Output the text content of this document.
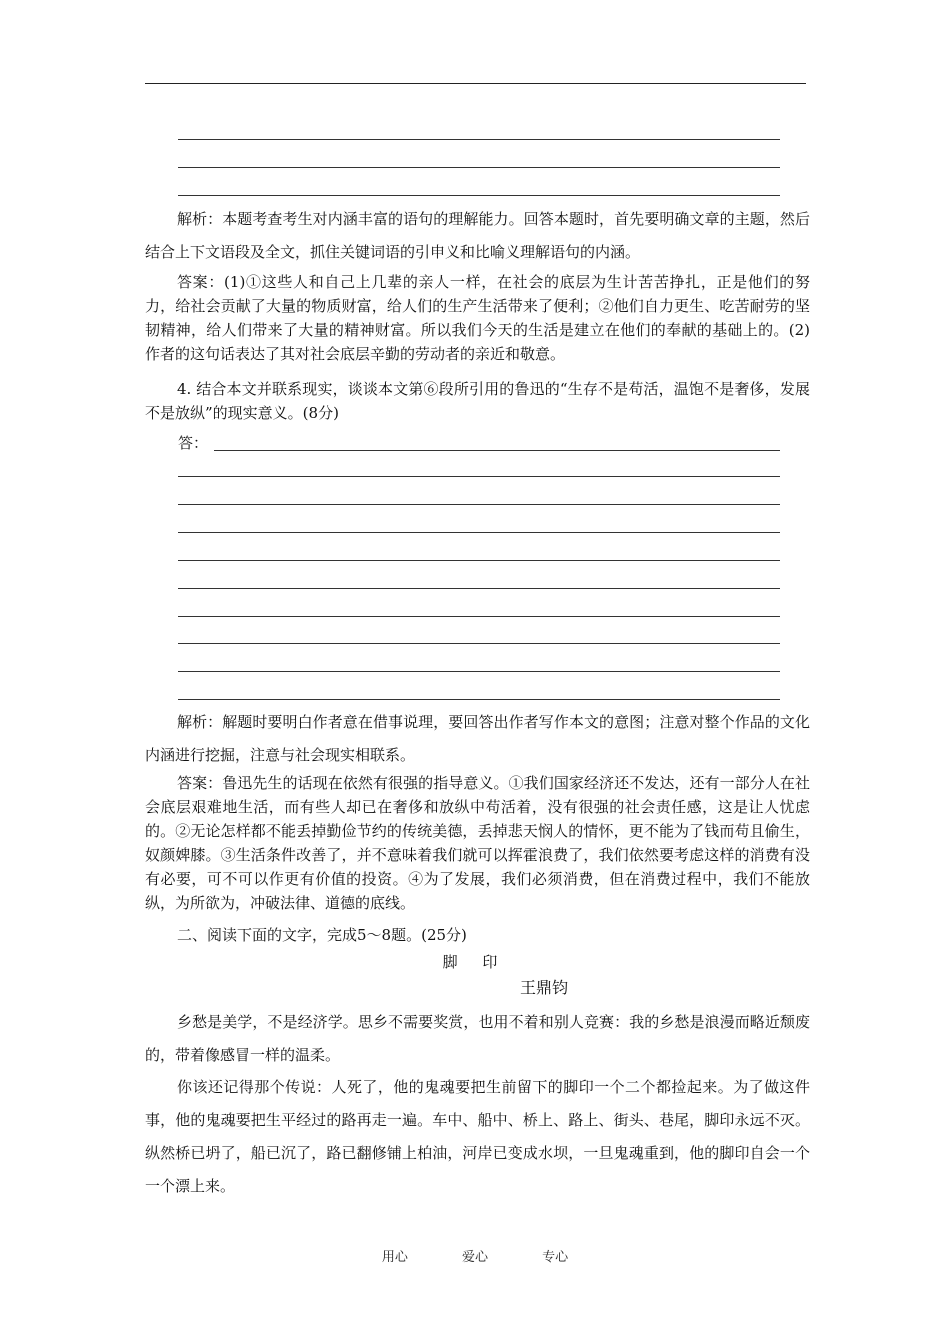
解析：本题考查考生对内涵丰富的语句的理解能力。回答本题时，首先要明确文章的主题，然后结合上下文语段及全文，抓住关键词语的引申义和比喻义理解语句的内涵。

答案：(1)①这些人和自己上几辈的亲人一样，在社会的底层为生计苦苦挣扎，正是他们的努力，给社会贡献了大量的物质财富，给人们的生产生活带来了便利；②他们自力更生、吃苦耐劳的坚韧精神，给人们带来了大量的精神财富。所以我们今天的生活是建立在他们的奉献的基础上的。(2)作者的这句话表达了其对社会底层辛勤的劳动者的亲近和敬意。

4. 结合本文并联系现实，谈谈本文第⑥段所引用的鲁迅的“生存不是苟活，温饱不是奢侈，发展不是放纵”的现实意义。(8分)

答：

解析：解题时要明白作者意在借事说理，要回答出作者写作本文的意图；注意对整个作品的文化内涵进行挖掘，注意与社会现实相联系。

答案：鲁迅先生的话现在依然有很强的指导意义。①我们国家经济还不发达，还有一部分人在社会底层艰难地生活，而有些人却已在奢侈和放纵中苟活着，没有很强的社会责任感，这是让人忧虑的。②无论怎样都不能丢掉勤俭节约的传统美德，丢掉悲天悯人的情怀，更不能为了钱而苟且偷生，奴颜婢膝。③生活条件改善了，并不意味着我们就可以挥霍浪费了，我们依然要考虑这样的消费有没有必要，可不可以作更有价值的投资。④为了发展，我们必须消费，但在消费过程中，我们不能放纵，为所欲为，冲破法律、道德的底线。

二、阅读下面的文字，完成5～8题。(25分)

脚 印
王鼎钧

乡愁是美学，不是经济学。思乡不需要奖赏，也用不着和别人竞赛：我的乡愁是浪漫而略近颓废的，带着像感冒一样的温柔。

你该还记得那个传说：人死了，他的鬼魂要把生前留下的脚印一个二个都捡起来。为了做这件事，他的鬼魂要把生平经过的路再走一遍。车中、船中、桥上、路上、街头、巷尾，脚印永远不灭。纵然桥已坍了，船已沉了，路已翻修铺上柏油，河岸已变成水坝，一旦鬼魂重到，他的脚印自会一个一个漂上来。

用心	爱心	专心
